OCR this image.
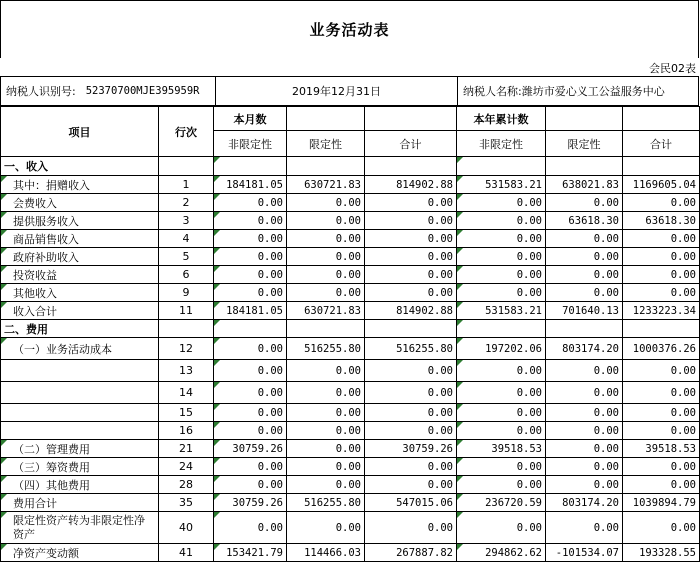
业务活动表
会民02表
纳税人识别号: 52370700MJE395959R	2019年12月31日	纳税人名称: 潍坊市爱心义工公益服务中心
项目	行次	本月数			本年累计数		
		非限定性	限定性	合计	非限定性	限定性	合计
一、收入							
其中：捐赠收入	1	184181.05	630721.83	814902.88	531583.21	638021.83	1169605.04
会费收入	2	0.00	0.00	0.00	0.00	0.00	0.00
提供服务收入	3	0.00	0.00	0.00	0.00	63618.30	63618.30
商品销售收入	4	0.00	0.00	0.00	0.00	0.00	0.00
政府补助收入	5	0.00	0.00	0.00	0.00	0.00	0.00
投资收益	6	0.00	0.00	0.00	0.00	0.00	0.00
其他收入	9	0.00	0.00	0.00	0.00	0.00	0.00
收入合计	11	184181.05	630721.83	814902.88	531583.21	701640.13	1233223.34
二、费用							
（一）业务活动成本	12	0.00	516255.80	516255.80	197202.06	803174.20	1000376.26
	13	0.00	0.00	0.00	0.00	0.00	0.00
	14	0.00	0.00	0.00	0.00	0.00	0.00
	15	0.00	0.00	0.00	0.00	0.00	0.00
	16	0.00	0.00	0.00	0.00	0.00	0.00
（二）管理费用	21	30759.26	0.00	30759.26	39518.53	0.00	39518.53
（三）筹资费用	24	0.00	0.00	0.00	0.00	0.00	0.00
（四）其他费用	28	0.00	0.00	0.00	0.00	0.00	0.00
费用合计	35	30759.26	516255.80	547015.06	236720.59	803174.20	1039894.79
限定性资产转为非限定性净资产	40	0.00	0.00	0.00	0.00	0.00	0.00
净资产变动额	41	153421.79	114466.03	267887.82	294862.62	-101534.07	193328.55
